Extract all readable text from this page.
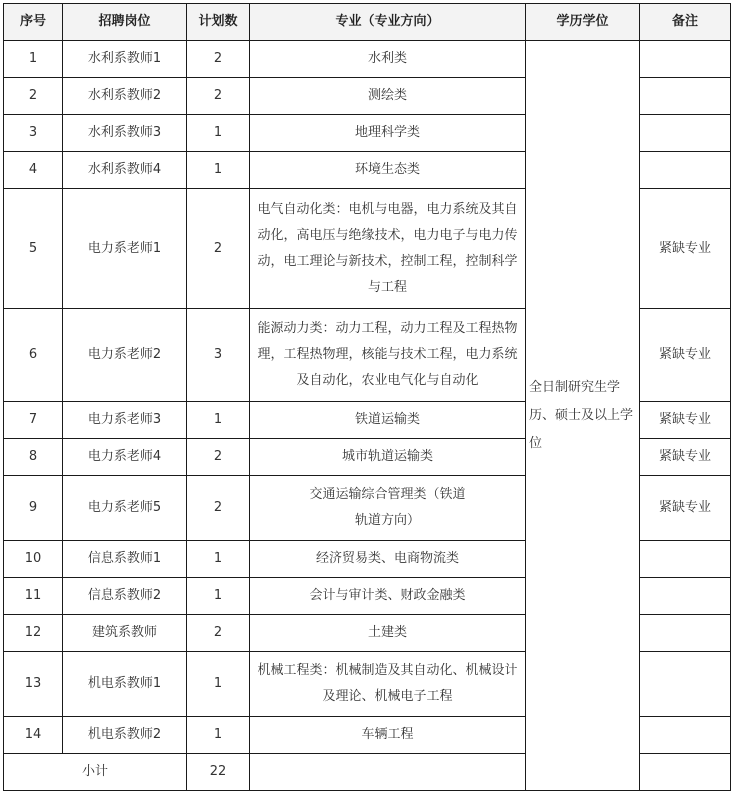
序号	招聘岗位	计划数	专业（专业方向）	学历学位	备注
1	水利系教师1	2	水利类	全日制研究生学历、硕士及以上学位	
2	水利系教师2	2	测绘类		
3	水利系教师3	1	地理科学类		
4	水利系教师4	1	环境生态类		
5	电力系老师1	2	电气自动化类：电机与电器，电力系统及其自动化，高电压与绝缘技术，电力电子与电力传动，电工理论与新技术，控制工程，控制科学与工程		紧缺专业
6	电力系老师2	3	能源动力类：动力工程，动力工程及工程热物理，工程热物理，核能与技术工程，电力系统及自动化，农业电气化与自动化		紧缺专业
7	电力系老师3	1	铁道运输类		紧缺专业
8	电力系老师4	2	城市轨道运输类		紧缺专业
9	电力系老师5	2	交通运输综合管理类（铁道轨道方向）		紧缺专业
10	信息系教师1	1	经济贸易类、电商物流类		
11	信息系教师2	1	会计与审计类、财政金融类		
12	建筑系教师	2	土建类		
13	机电系教师1	1	机械工程类：机械制造及其自动化、机械设计及理论、机械电子工程		
14	机电系教师2	1	车辆工程		
小计		22			
